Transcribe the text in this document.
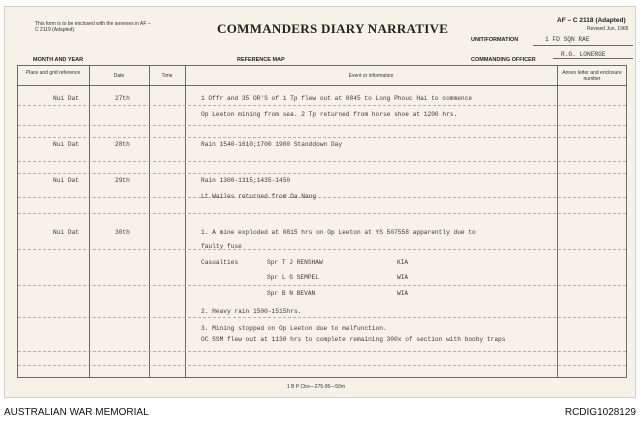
This form is to be enclosed with the annexes in AF – C 2119 (Adapted).	COMMANDERS DIARY NARRATIVE
AF – C 2118 (Adapted)
Revised Jun, 1965
UNIT/FORMATION	1 FD SQN RAE
MONTH AND YEAR	REFERENCE MAP	COMMANDING OFFICER
R.G. LONERGE
Place and grid reference	Date	Time	Event or information	Annex letter and enclosure number
Nui Dat	27th	1 Offr and 35 OR'S of 1 Tp flew out at 0845 to Long Phouc Hai to commence
Op Leeton mining from sea. 2 Tp returned from horse shoe at 1200 hrs.
Nui Dat	28th	Rain 1540-1610;1700 1900 Standdown Day
Nui Dat	29th	Rain 1300-1315;1435-1450
Lt Wailes returned from Da Nang
Nui Dat	30th	1. A mine exploded at 0815 hrs on Op Leeton at YS 507558 apparently due to
faulty fuse
Casualties	Spr T J RENSHAW	KIA
Spr L G SEMPEL	WIA
Spr B N BEVAN	WIA
2. Heavy rain 1500-1515hrs.
3. Mining stopped on Op Leeton due to malfunction.
OC SSM flew out at 1130 hrs to complete remaining 300x of section with booby traps
1 B P Ctrs—275-95—50m
AUSTRALIAN WAR MEMORIAL	RCDIG1028129
